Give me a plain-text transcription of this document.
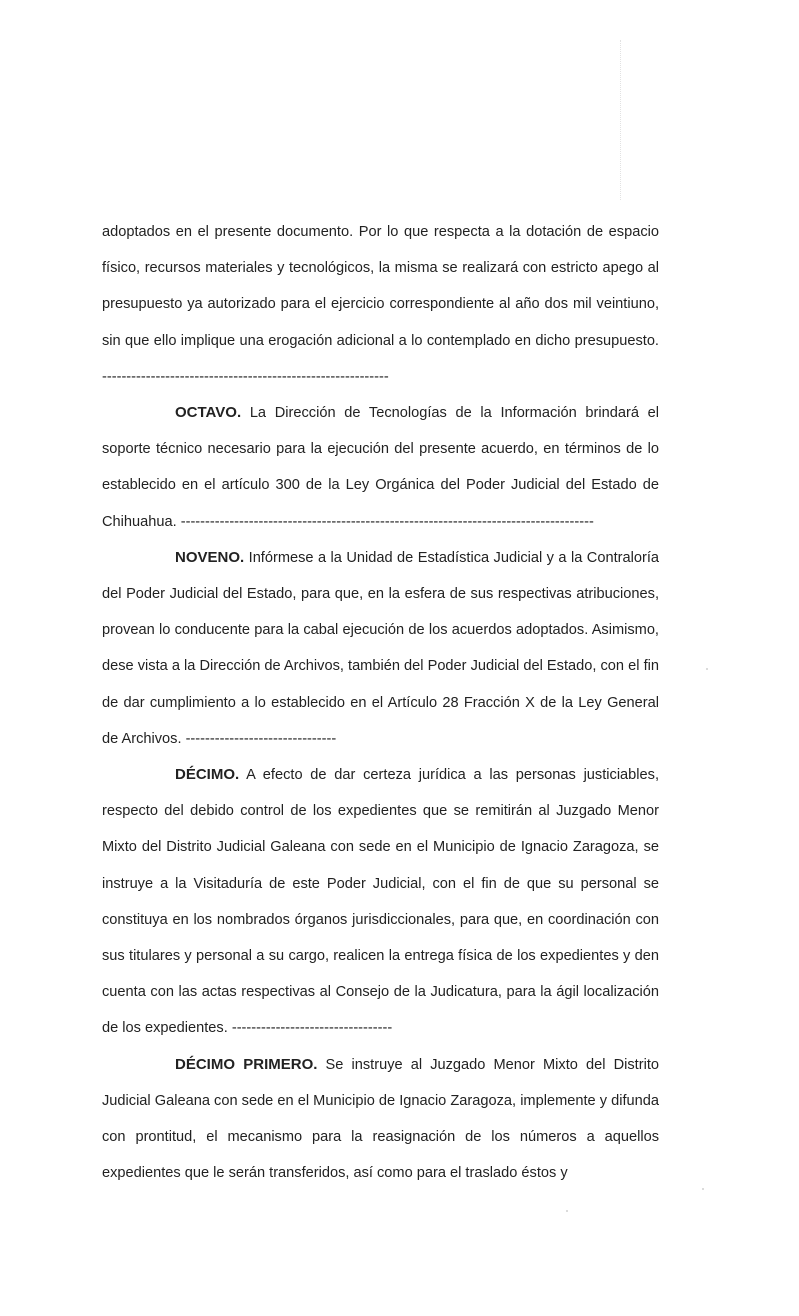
adoptados en el presente documento. Por lo que respecta a la dotación de espacio físico, recursos materiales y tecnológicos, la misma se realizará con estricto apego al presupuesto ya autorizado para el ejercicio correspondiente al año dos mil veintiuno, sin que ello implique una erogación adicional a lo contemplado en dicho presupuesto. -----------------------------------------------------------

OCTAVO. La Dirección de Tecnologías de la Información brindará el soporte técnico necesario para la ejecución del presente acuerdo, en términos de lo establecido en el artículo 300 de la Ley Orgánica del Poder Judicial del Estado de Chihuahua. -------------------------------------------------------------------------------------

NOVENO. Infórmese a la Unidad de Estadística Judicial y a la Contraloría del Poder Judicial del Estado, para que, en la esfera de sus respectivas atribuciones, provean lo conducente para la cabal ejecución de los acuerdos adoptados. Asimismo, dese vista a la Dirección de Archivos, también del Poder Judicial del Estado, con el fin de dar cumplimiento a lo establecido en el Artículo 28 Fracción X de la Ley General de Archivos. -------------------------------

DÉCIMO. A efecto de dar certeza jurídica a las personas justiciables, respecto del debido control de los expedientes que se remitirán al Juzgado Menor Mixto del Distrito Judicial Galeana con sede en el Municipio de Ignacio Zaragoza, se instruye a la Visitaduría de este Poder Judicial, con el fin de que su personal se constituya en los nombrados órganos jurisdiccionales, para que, en coordinación con sus titulares y personal a su cargo, realicen la entrega física de los expedientes y den cuenta con las actas respectivas al Consejo de la Judicatura, para la ágil localización de los expedientes. ---------------------------------

DÉCIMO PRIMERO. Se instruye al Juzgado Menor Mixto del Distrito Judicial Galeana con sede en el Municipio de Ignacio Zaragoza, implemente y difunda con prontitud, el mecanismo para la reasignación de los números a aquellos expedientes que le serán transferidos, así como para el traslado éstos y
